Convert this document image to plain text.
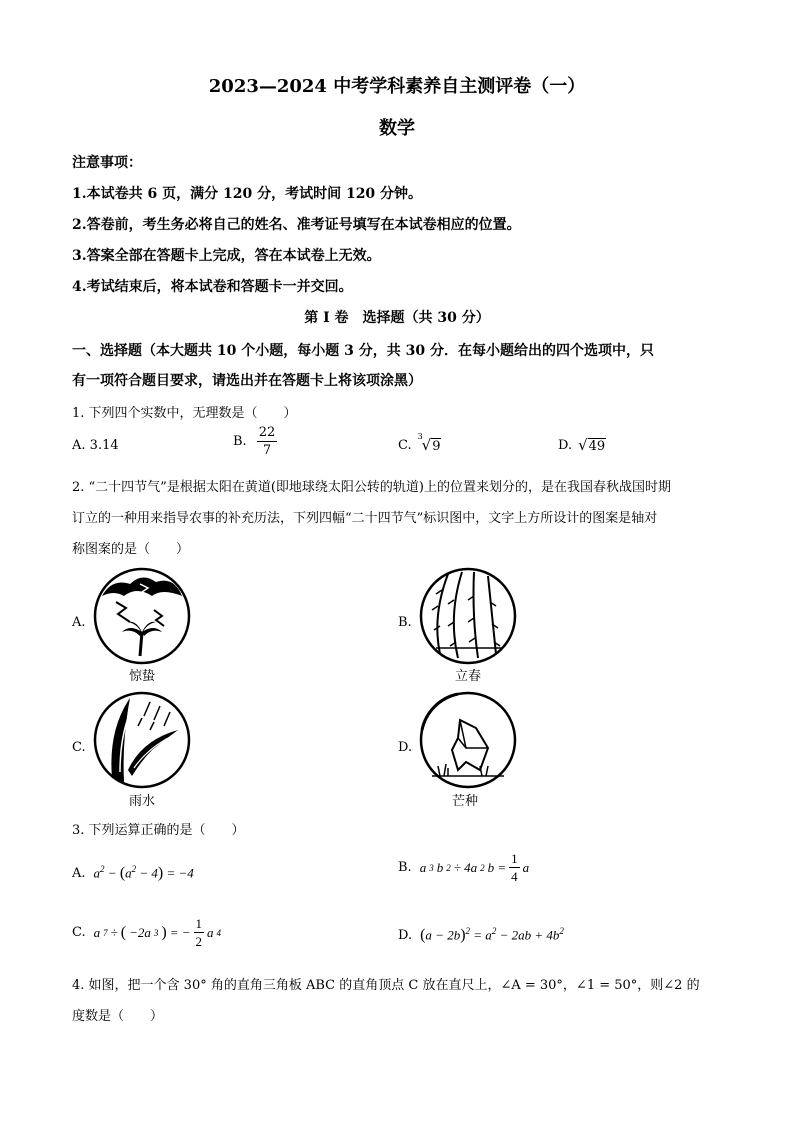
2023—2024 中考学科素养自主测评卷（一）
数学
注意事项：
1.本试卷共 6 页，满分 120 分，考试时间 120 分钟。
2.答卷前，考生务必将自己的姓名、准考证号填写在本试卷相应的位置。
3.答案全部在答题卡上完成，答在本试卷上无效。
4.考试结束后，将本试卷和答题卡一并交回。
第 I 卷　选择题（共 30 分）
一、选择题（本大题共 10 个小题，每小题 3 分，共 30 分．在每小题给出的四个选项中，只
有一项符合题目要求，请选出并在答题卡上将该项涂黑）
1. 下列四个实数中，无理数是（　　）
A. 3.14	B. $\frac{22}{7}$	C.
3
√9	D. √49
2. “二十四节气”是根据太阳在黄道(即地球绕太阳公转的轨道)上的位置来划分的，是在我国春秋战国时期
订立的一种用来指导农事的补充历法，下列四幅“二十四节气”标识图中，文字上方所设计的图案是轴对
称图案的是（　　）
A.
惊蛰
B.
立春
C.
雨水
D.
芒种
3. 下列运算正确的是（　　）
A. $a^2 - (a^2 - 4) = -4$	B. a 3 b 2 ÷ 4a 2 $b = \frac{1}{4}$ a
C. a 7 ÷ ( −2a 3 ) = − $\frac{1}{2}$ a 4	D. $(a - 2b)^2 = a^2 - 2ab + 4b^2$
4. 如图，把一个含 30° 角的直角三角板 ABC 的直角顶点 C 放在直尺上，∠A = 30°，∠1 = 50°，则∠2 的
度数是（　　）
